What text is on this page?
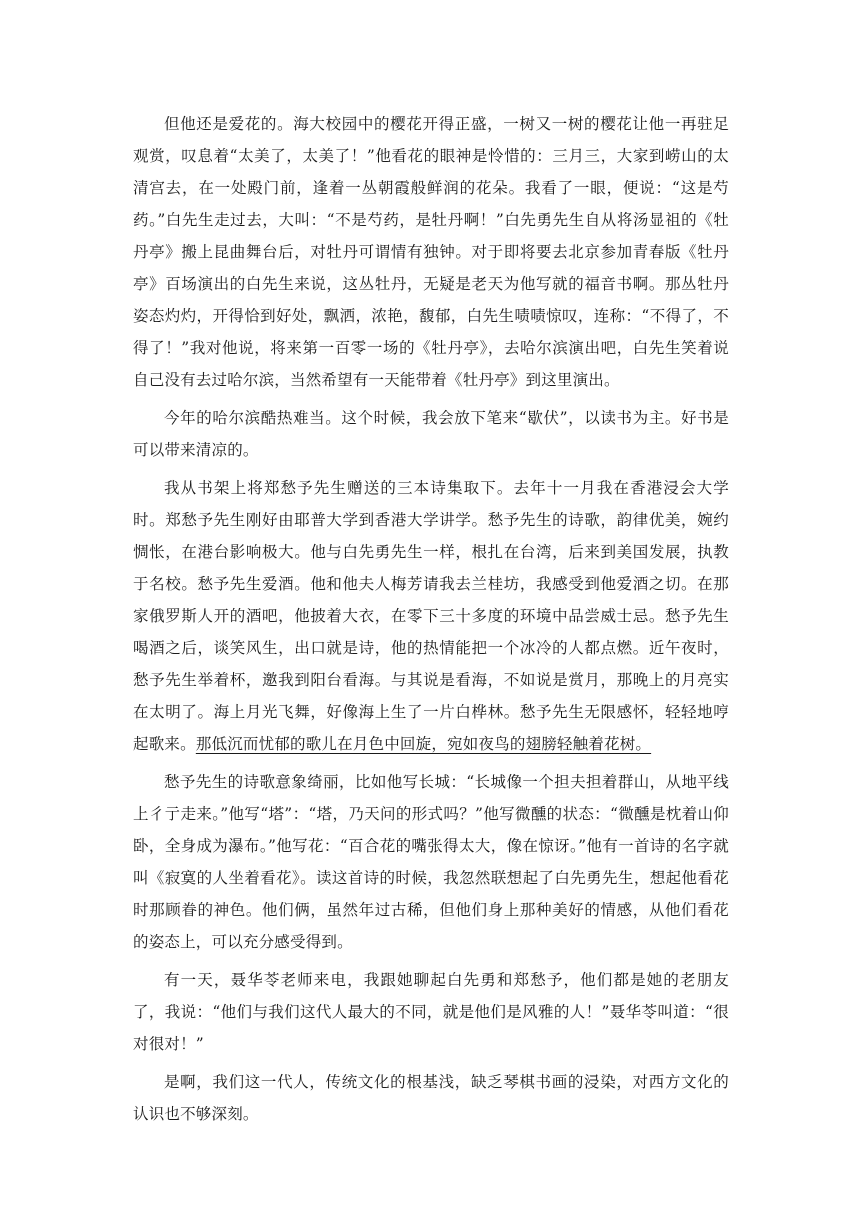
但他还是爱花的。海大校园中的樱花开得正盛，一树又一树的樱花让他一再驻足观赏，叹息着“太美了，太美了！”他看花的眼神是怜惜的：三月三，大家到崂山的太清宫去，在一处殿门前，逢着一丛朝霞般鲜润的花朵。我看了一眼，便说：“这是芍药。”白先生走过去，大叫：“不是芍药，是牡丹啊！”白先勇先生自从将汤显祖的《牡丹亭》搬上昆曲舞台后，对牡丹可谓情有独钟。对于即将要去北京参加青春版《牡丹亭》百场演出的白先生来说，这丛牡丹，无疑是老天为他写就的福音书啊。那丛牡丹姿态灼灼，开得恰到好处，飘洒，浓艳，馥郁，白先生啧啧惊叹，连称：“不得了，不得了！”我对他说，将来第一百零一场的《牡丹亭》，去哈尔滨演出吧，白先生笑着说自己没有去过哈尔滨，当然希望有一天能带着《牡丹亭》到这里演出。

今年的哈尔滨酷热难当。这个时候，我会放下笔来“歇伏”，以读书为主。好书是可以带来清凉的。

我从书架上将郑愁予先生赠送的三本诗集取下。去年十一月我在香港浸会大学时。郑愁予先生刚好由耶普大学到香港大学讲学。愁予先生的诗歌，韵律优美，婉约惆怅，在港台影响极大。他与白先勇先生一样，根扎在台湾，后来到美国发展，执教于名校。愁予先生爱酒。他和他夫人梅芳请我去兰桂坊，我感受到他爱酒之切。在那家俄罗斯人开的酒吧，他披着大衣，在零下三十多度的环境中品尝威士忌。愁予先生喝酒之后，谈笑风生，出口就是诗，他的热情能把一个冰冷的人都点燃。近午夜时，愁予先生举着杯，邀我到阳台看海。与其说是看海，不如说是赏月，那晚上的月亮实在太明了。海上月光飞舞，好像海上生了一片白桦林。愁予先生无限感怀，轻轻地哼起歌来。那低沉而忧郁的歌儿在月色中回旋，宛如夜鸟的翅膀轻触着花树。

愁予先生的诗歌意象绮丽，比如他写长城：“长城像一个担夫担着群山，从地平线上彳亍走来。”他写“塔”：“塔，乃天问的形式吗？”他写微醺的状态：“微醺是枕着山仰卧，全身成为瀑布。”他写花：“百合花的嘴张得太大，像在惊讶。”他有一首诗的名字就叫《寂寞的人坐着看花》。读这首诗的时候，我忽然联想起了白先勇先生，想起他看花时那顾眷的神色。他们俩，虽然年过古稀，但他们身上那种美好的情感，从他们看花的姿态上，可以充分感受得到。

有一天，聂华苓老师来电，我跟她聊起白先勇和郑愁予，他们都是她的老朋友了，我说：“他们与我们这代人最大的不同，就是他们是风雅的人！”聂华苓叫道：“很对很对！”

是啊，我们这一代人，传统文化的根基浅，缺乏琴棋书画的浸染，对西方文化的认识也不够深刻。
